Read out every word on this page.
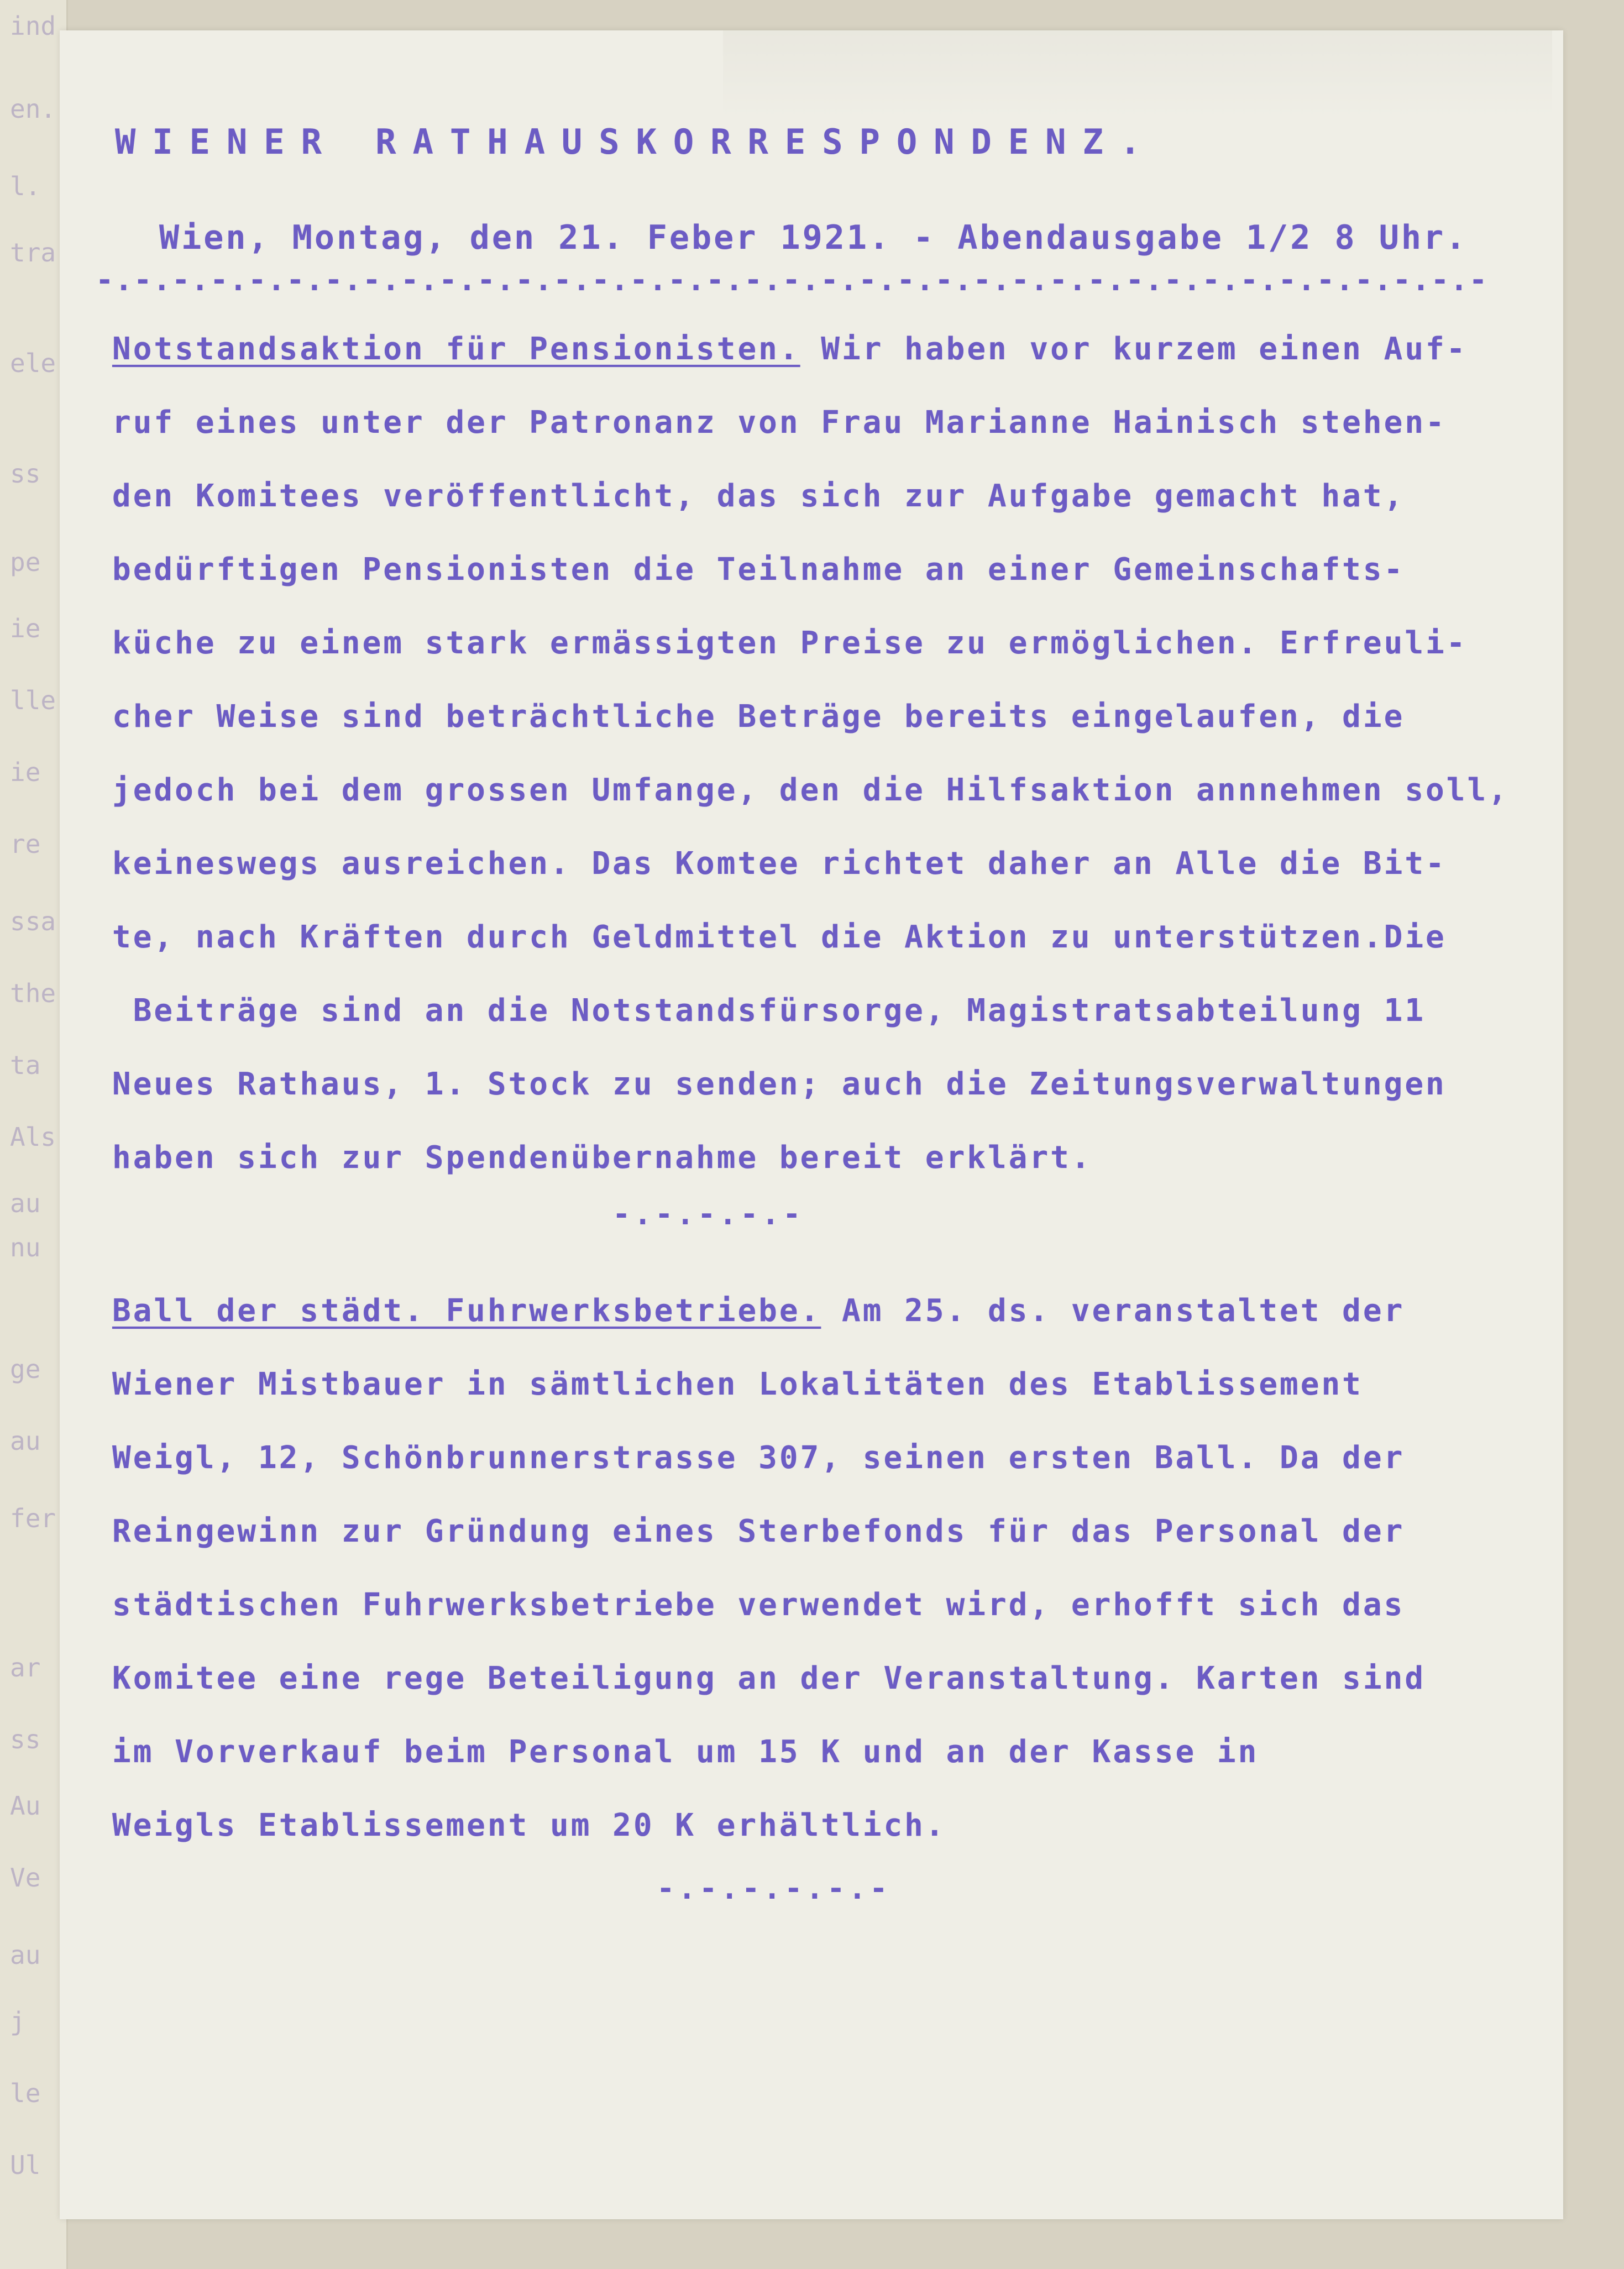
ind
en.
l.
tra
ele
ss
pe
ie
lle
ie
re
ssa
the
ta
Als
au
nu
ge
au
fer
ar
ss
Au
Ve
au
j
le
Ul
WIENER RATHAUSKORRESPONDENZ.
Wien, Montag, den 21. Feber 1921. - Abendausgabe 1/2 8 Uhr.
-.-.-.-.-.-.-.-.-.-.-.-.-.-.-.-.-.-.-.-.-.-.-.-.-.-.-.-.-.-.-.-.-.-.-.-.-
Notstandsaktion für Pensionisten. Wir haben vor kurzem einen Auf-
ruf eines unter der Patronanz von Frau Marianne Hainisch stehen-
den Komitees veröffentlicht, das sich zur Aufgabe gemacht hat,
bedürftigen Pensionisten die Teilnahme an einer Gemeinschafts-
küche zu einem stark ermässigten Preise zu ermöglichen. Erfreuli-
cher Weise sind beträchtliche Beträge bereits eingelaufen, die
jedoch bei dem grossen Umfange, den die Hilfsaktion annnehmen soll,
keineswegs ausreichen. Das Komtee richtet daher an Alle die Bit-
te, nach Kräften durch Geldmittel die Aktion zu unterstützen.Die
Beiträge sind an die Notstandsfürsorge, Magistratsabteilung 11
Neues Rathaus, 1. Stock zu senden; auch die Zeitungsverwaltungen
haben sich zur Spendenübernahme bereit erklärt.
-.-.-.-.-
Ball der städt. Fuhrwerksbetriebe. Am 25. ds. veranstaltet der
Wiener Mistbauer in sämtlichen Lokalitäten des Etablissement
Weigl, 12, Schönbrunnerstrasse 307, seinen ersten Ball. Da der
Reingewinn zur Gründung eines Sterbefonds für das Personal der
städtischen Fuhrwerksbetriebe verwendet wird, erhofft sich das
Komitee eine rege Beteiligung an der Veranstaltung. Karten sind
im Vorverkauf beim Personal um 15 K und an der Kasse in
Weigls Etablissement um 20 K erhältlich.
-.-.-.-.-.-
